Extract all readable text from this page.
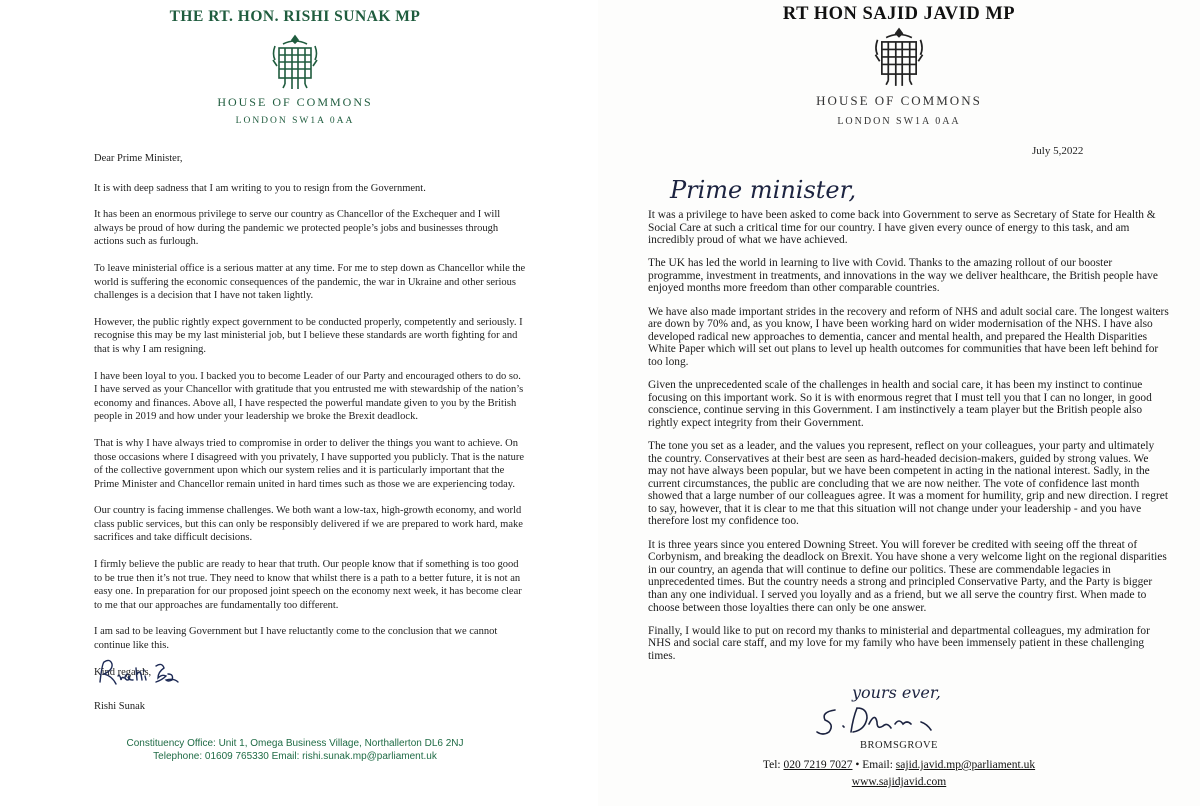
THE RT. HON. RISHI SUNAK MP
HOUSE OF COMMONS
LONDON SW1A 0AA

Dear Prime Minister,

It is with deep sadness that I am writing to you to resign from the Government.

It has been an enormous privilege to serve our country as Chancellor of the Exchequer and I will always be proud of how during the pandemic we protected people’s jobs and businesses through actions such as furlough.

To leave ministerial office is a serious matter at any time. For me to step down as Chancellor while the world is suffering the economic consequences of the pandemic, the war in Ukraine and other serious challenges is a decision that I have not taken lightly.

However, the public rightly expect government to be conducted properly, competently and seriously. I recognise this may be my last ministerial job, but I believe these standards are worth fighting for and that is why I am resigning.

I have been loyal to you. I backed you to become Leader of our Party and encouraged others to do so. I have served as your Chancellor with gratitude that you entrusted me with stewardship of the nation’s economy and finances. Above all, I have respected the powerful mandate given to you by the British people in 2019 and how under your leadership we broke the Brexit deadlock.

That is why I have always tried to compromise in order to deliver the things you want to achieve. On those occasions where I disagreed with you privately, I have supported you publicly. That is the nature of the collective government upon which our system relies and it is particularly important that the Prime Minister and Chancellor remain united in hard times such as those we are experiencing today.

Our country is facing immense challenges. We both want a low-tax, high-growth economy, and world class public services, but this can only be responsibly delivered if we are prepared to work hard, make sacrifices and take difficult decisions.

I firmly believe the public are ready to hear that truth. Our people know that if something is too good to be true then it’s not true. They need to know that whilst there is a path to a better future, it is not an easy one. In preparation for our proposed joint speech on the economy next week, it has become clear to me that our approaches are fundamentally too different.

I am sad to be leaving Government but I have reluctantly come to the conclusion that we cannot continue like this.

Kind regards,

Rishi Sunak
Constituency Office: Unit 1, Omega Business Village, Northallerton DL6 2NJ
Telephone: 01609 765330 Email: rishi.sunak.mp@parliament.uk
RT HON SAJID JAVID MP
HOUSE OF COMMONS
LONDON SW1A 0AA
July 5,2022
Prime minister,

It was a privilege to have been asked to come back into Government to serve as Secretary of State for Health & Social Care at such a critical time for our country. I have given every ounce of energy to this task, and am incredibly proud of what we have achieved.

The UK has led the world in learning to live with Covid. Thanks to the amazing rollout of our booster programme, investment in treatments, and innovations in the way we deliver healthcare, the British people have enjoyed months more freedom than other comparable countries.

We have also made important strides in the recovery and reform of NHS and adult social care. The longest waiters are down by 70% and, as you know, I have been working hard on wider modernisation of the NHS. I have also developed radical new approaches to dementia, cancer and mental health, and prepared the Health Disparities White Paper which will set out plans to level up health outcomes for communities that have been left behind for too long.

Given the unprecedented scale of the challenges in health and social care, it has been my instinct to continue focusing on this important work. So it is with enormous regret that I must tell you that I can no longer, in good conscience, continue serving in this Government. I am instinctively a team player but the British people also rightly expect integrity from their Government.

The tone you set as a leader, and the values you represent, reflect on your colleagues, your party and ultimately the country. Conservatives at their best are seen as hard-headed decision-makers, guided by strong values. We may not have always been popular, but we have been competent in acting in the national interest. Sadly, in the current circumstances, the public are concluding that we are now neither. The vote of confidence last month showed that a large number of our colleagues agree. It was a moment for humility, grip and new direction. I regret to say, however, that it is clear to me that this situation will not change under your leadership - and you have therefore lost my confidence too.

It is three years since you entered Downing Street. You will forever be credited with seeing off the threat of Corbynism, and breaking the deadlock on Brexit. You have shone a very welcome light on the regional disparities in our country, an agenda that will continue to define our politics. These are commendable legacies in unprecedented times. But the country needs a strong and principled Conservative Party, and the Party is bigger than any one individual. I served you loyally and as a friend, but we all serve the country first. When made to choose between those loyalties there can only be one answer.

Finally, I would like to put on record my thanks to ministerial and departmental colleagues, my admiration for NHS and social care staff, and my love for my family who have been immensely patient in these challenging times.

yours ever,
BROMSGROVE
Tel: 020 7219 7027 • Email: sajid.javid.mp@parliament.uk
www.sajidjavid.com
